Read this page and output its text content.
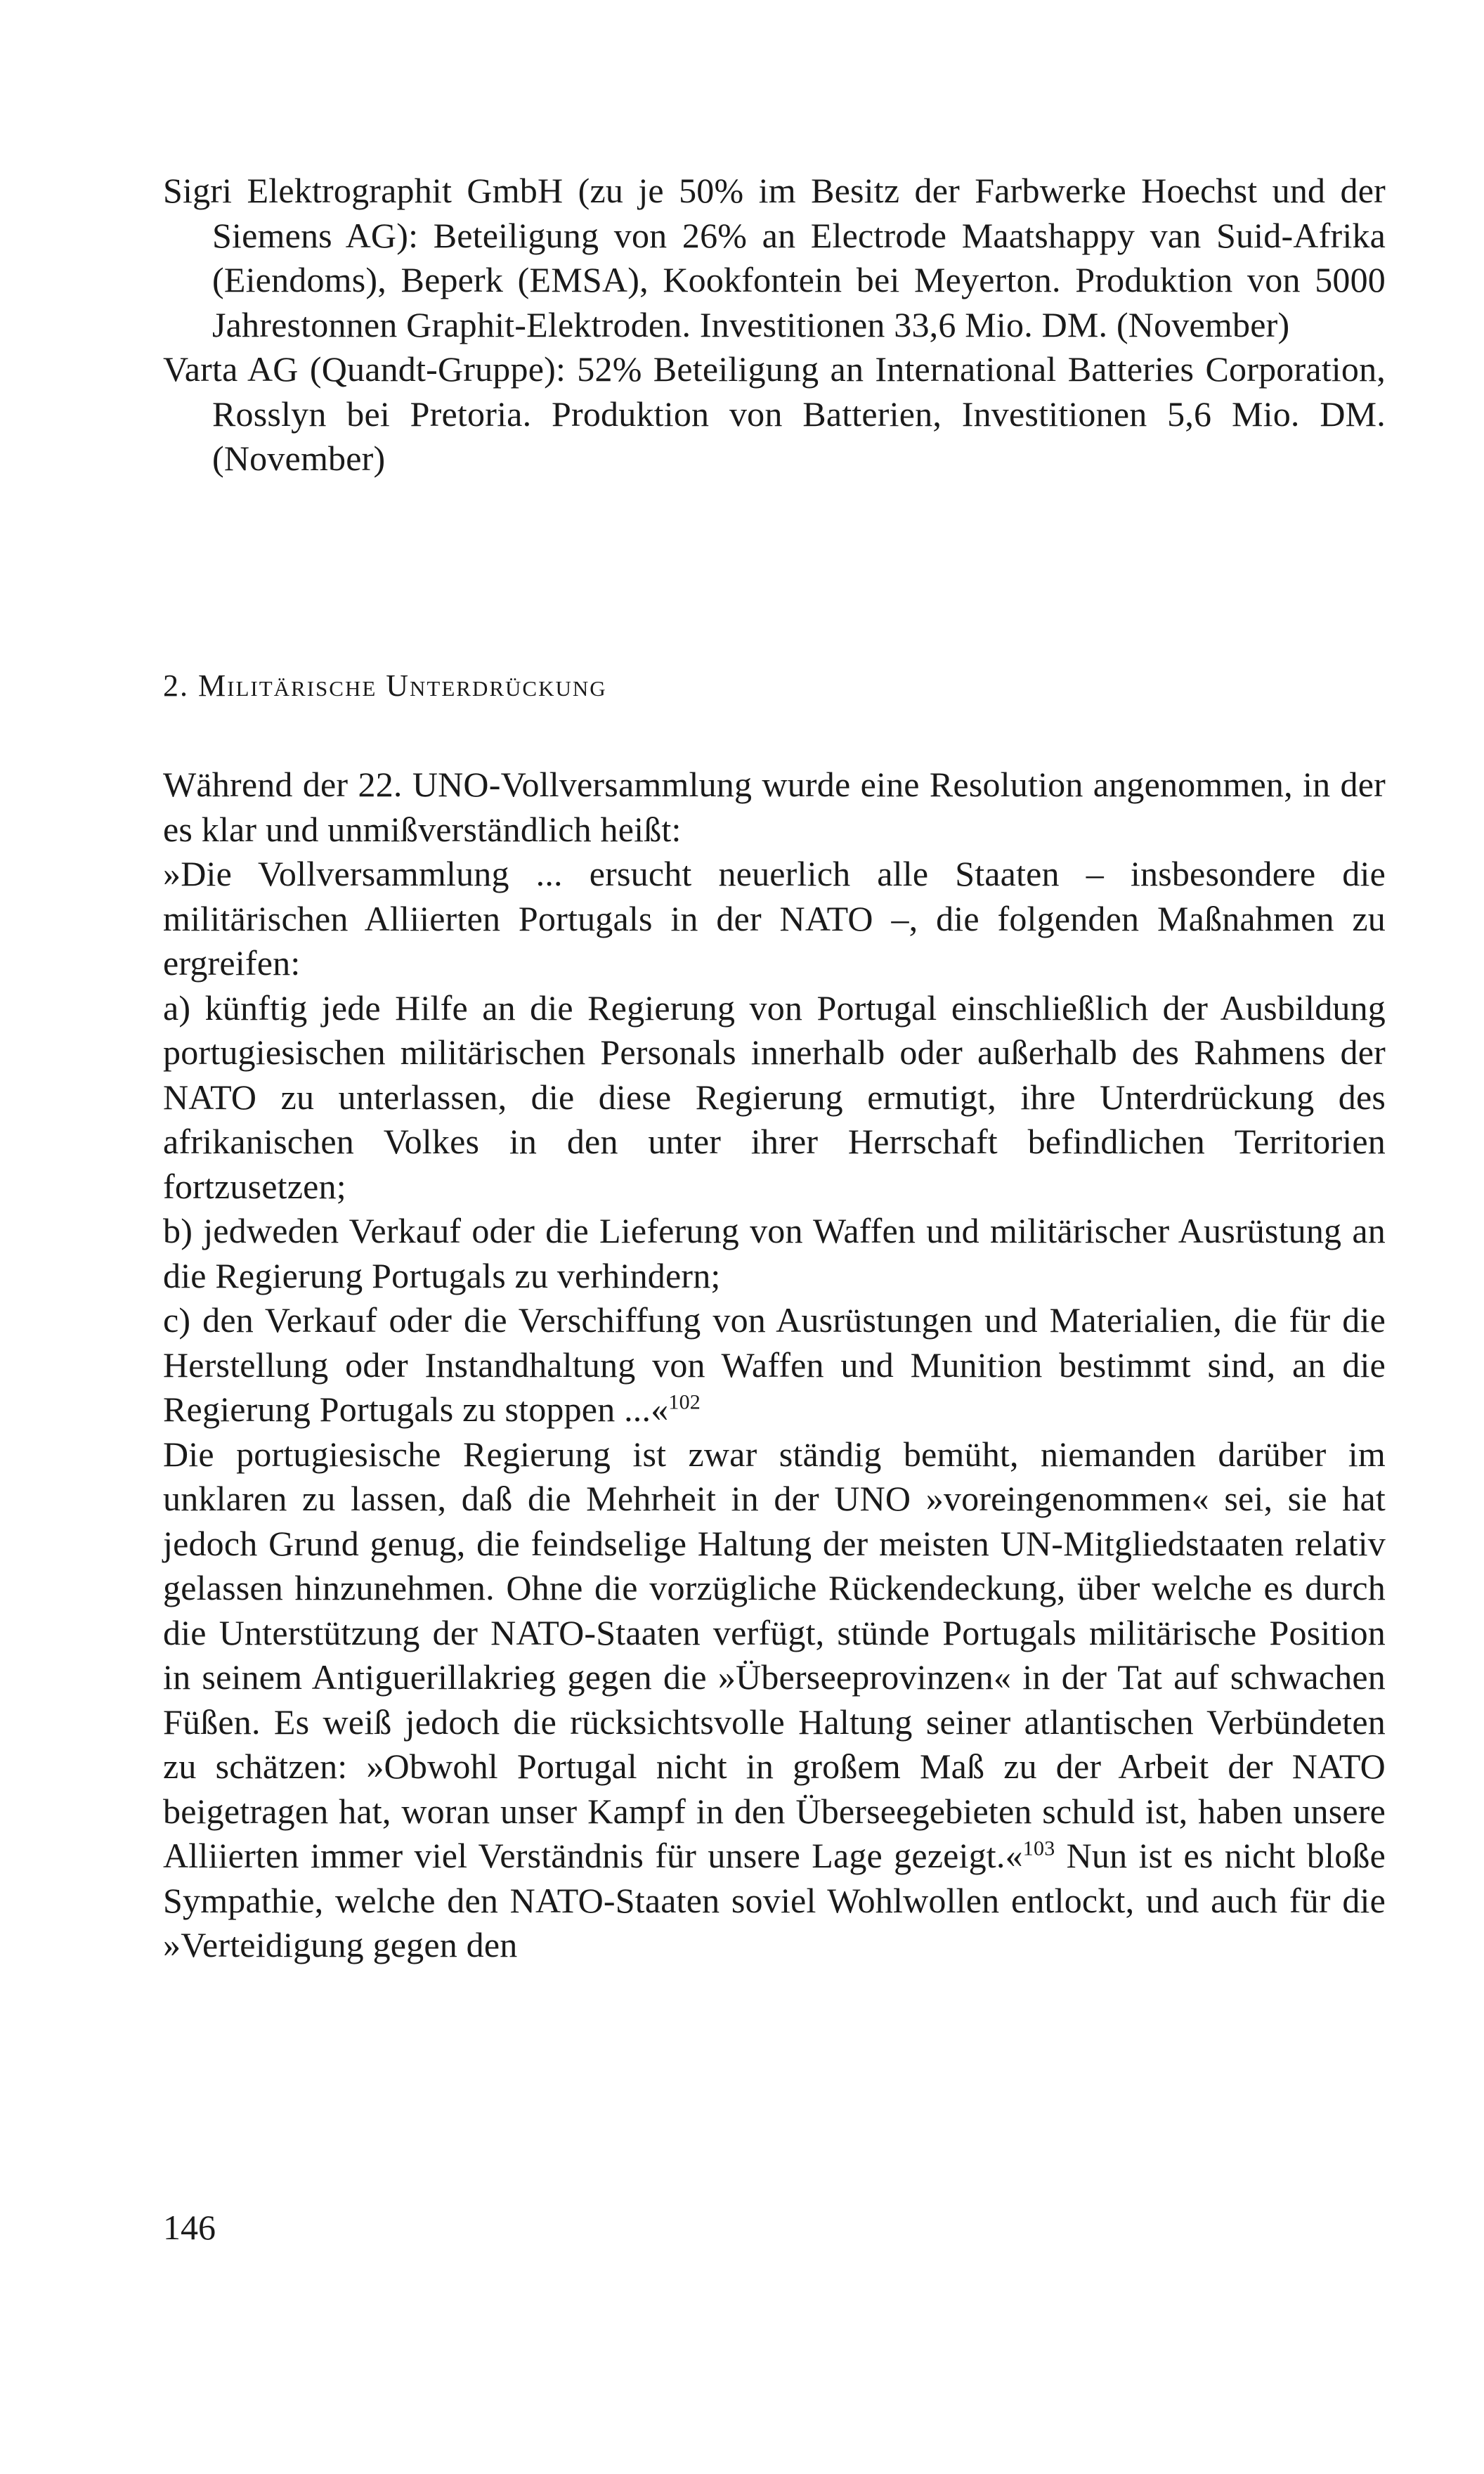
Sigri Elektrographit GmbH (zu je 50% im Besitz der Farbwerke Hoechst und der Siemens AG): Beteiligung von 26% an Electrode Maatshappy van Suid-Afrika (Eiendoms), Beperk (EMSA), Kookfontein bei Meyerton. Produktion von 5000 Jahrestonnen Graphit-Elektroden. Investitionen 33,6 Mio. DM. (November)

Varta AG (Quandt-Gruppe): 52% Beteiligung an International Batteries Corporation, Rosslyn bei Pretoria. Produktion von Batterien, Investitionen 5,6 Mio. DM. (November)

2. Militärische Unterdrückung

Während der 22. UNO-Vollversammlung wurde eine Resolution angenommen, in der es klar und unmißverständlich heißt:

»Die Vollversammlung ... ersucht neuerlich alle Staaten – insbesondere die militärischen Alliierten Portugals in der NATO –, die folgenden Maßnahmen zu ergreifen:

a) künftig jede Hilfe an die Regierung von Portugal einschließlich der Ausbildung portugiesischen militärischen Personals innerhalb oder außerhalb des Rahmens der NATO zu unterlassen, die diese Regierung ermutigt, ihre Unterdrückung des afrikanischen Volkes in den unter ihrer Herrschaft befindlichen Territorien fortzusetzen;

b) jedweden Verkauf oder die Lieferung von Waffen und militärischer Ausrüstung an die Regierung Portugals zu verhindern;

c) den Verkauf oder die Verschiffung von Ausrüstungen und Materialien, die für die Herstellung oder Instandhaltung von Waffen und Munition bestimmt sind, an die Regierung Portugals zu stoppen ...«$^{102}$

Die portugiesische Regierung ist zwar ständig bemüht, niemanden darüber im unklaren zu lassen, daß die Mehrheit in der UNO »voreingenommen« sei, sie hat jedoch Grund genug, die feindselige Haltung der meisten UN-Mitgliedstaaten relativ gelassen hinzunehmen. Ohne die vorzügliche Rückendeckung, über welche es durch die Unterstützung der NATO-Staaten verfügt, stünde Portugals militärische Position in seinem Antiguerillakrieg gegen die »Überseeprovinzen« in der Tat auf schwachen Füßen. Es weiß jedoch die rücksichtsvolle Haltung seiner atlantischen Verbündeten zu schätzen: »Obwohl Portugal nicht in großem Maß zu der Arbeit der NATO beigetragen hat, woran unser Kampf in den Überseegebieten schuld ist, haben unsere Alliierten immer viel Verständnis für unsere Lage gezeigt.«$^{103}$ Nun ist es nicht bloße Sympathie, welche den NATO-Staaten soviel Wohlwollen entlockt, und auch für die »Verteidigung gegen den

146
